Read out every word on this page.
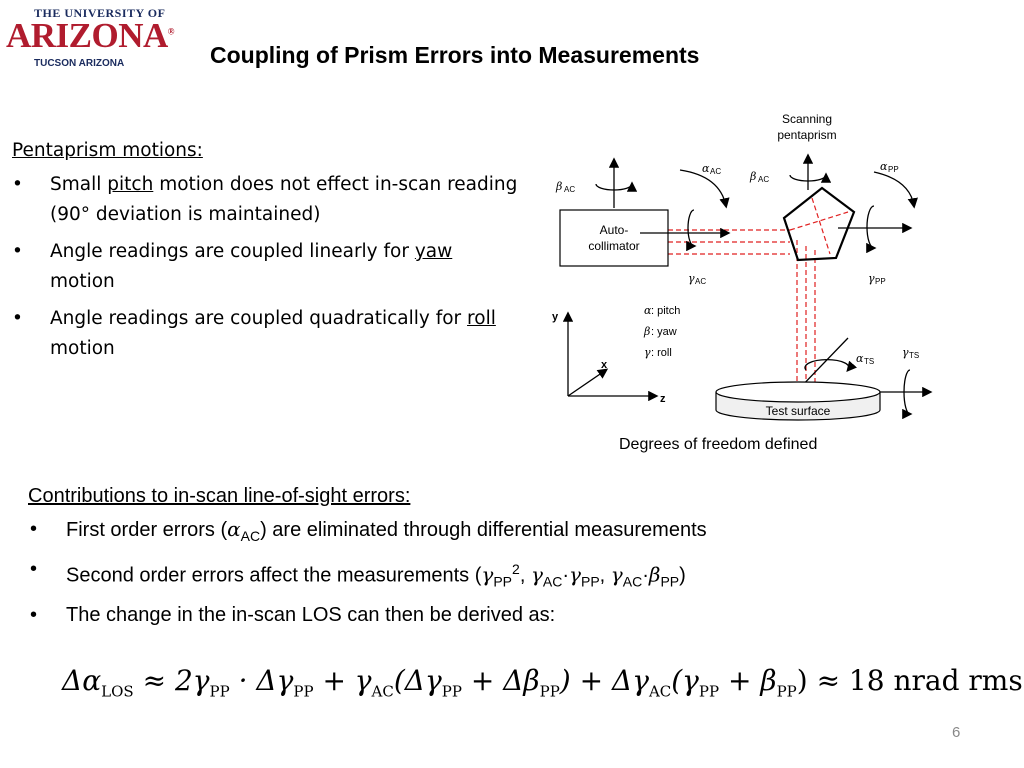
THE UNIVERSITY OF
ARIZONA®
TUCSON ARIZONA	Coupling of Prism Errors into Measurements
Pentaprism motions:
• Small pitch motion does not effect in-scan reading (90° deviation is maintained)
• Angle readings are coupled linearly for yaw motion
• Angle readings are coupled quadratically for roll motion
Auto-
collimator
Scanning
pentaprism
β AC
α AC	β AC
α PP
γ AC	γ PP
α TS
γ TS
α : pitch
β : yaw
γ : roll
y
x
z
Test surface
Degrees of freedom defined
Contributions to in-scan line-of-sight errors:
• First order errors $(\alpha_{AC})$ are eliminated through differential measurements
• Second order errors affect the measurements ($\gamma_{PP}^2$, $\gamma_{AC}\cdot\gamma_{PP}$, $\gamma_{AC}\cdot\beta_{PP}$)
• The change in the in-scan LOS can then be derived as:
$\Delta\alpha_{LOS} \approx 2\gamma_{PP} \cdot \Delta\gamma_{PP} + \gamma_{AC}(\Delta\gamma_{PP} + \Delta\beta_{PP}) + \Delta\gamma_{AC}(\gamma_{PP} + \beta_{PP}) \approx 18$ nrad rms
6
